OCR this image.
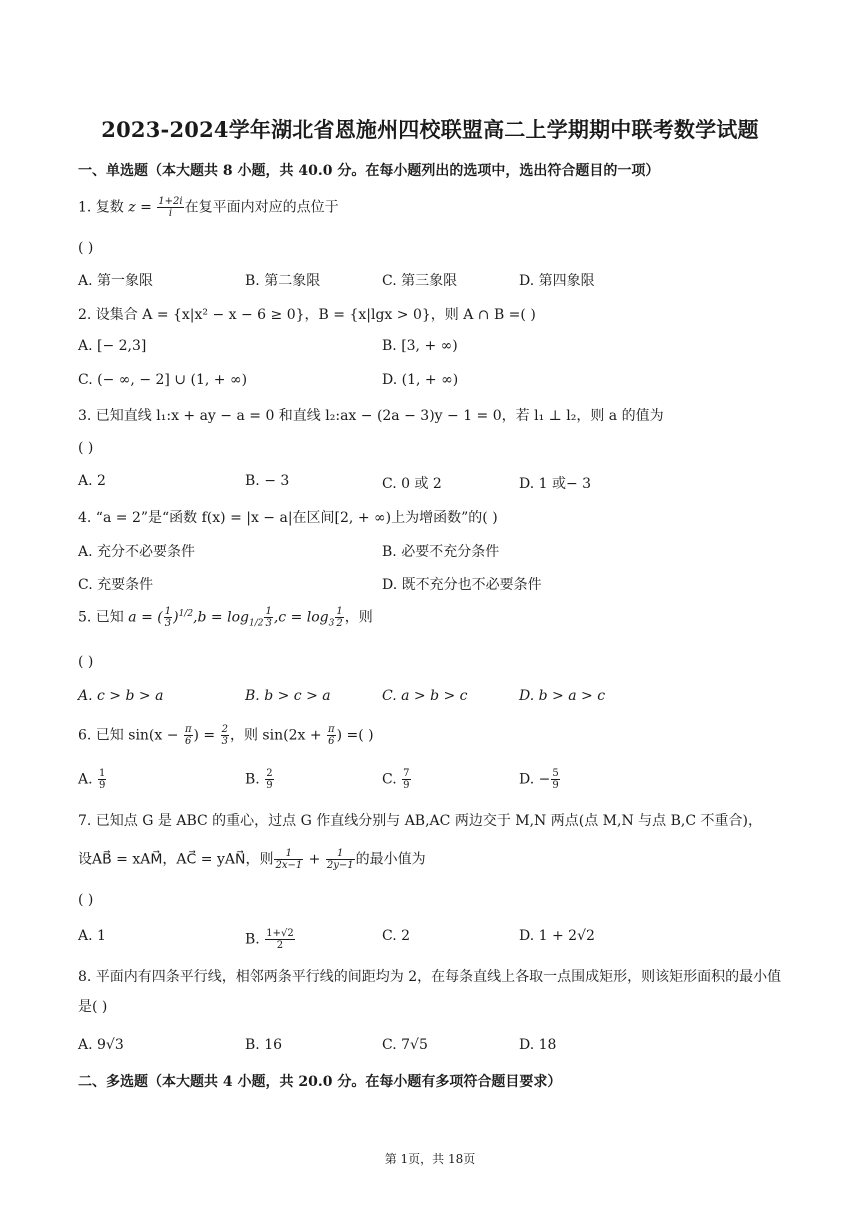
2023-2024学年湖北省恩施州四校联盟高二上学期期中联考数学试题
一、单选题（本大题共 8 小题，共 40.0 分。在每小题列出的选项中，选出符合题目的一项）
1. 复数 $z = \frac{1+2i}{i}$ 在复平面内对应的点位于
( )
A. 第一象限	B. 第二象限	C. 第三象限	D. 第四象限
2. 设集合 A = {x|x² − x − 6 ≥ 0}，B = {x|lgx > 0}，则 A ∩ B =( )
A. [− 2,3]	B. [3, + ∞)
C. (− ∞, − 2] ∪ (1, + ∞)	D. (1, + ∞)
3. 已知直线 l₁:x + ay − a = 0 和直线 l₂:ax − (2a − 3)y − 1 = 0，若 l₁ ⊥ l₂，则 a 的值为
( )
A. 2	B. − 3	C. 0 或 2	D. 1 或− 3
4. “a = 2”是“函数 f(x) = |x − a|在区间[2, + ∞)上为增函数”的( )
A. 充分不必要条件	B. 必要不充分条件
C. 充要条件	D. 既不充分也不必要条件
5. 已知 a = ( $\frac{1}{3} )^{1/2},b = \log_{1/2} \frac{1}{3} ,c = \log_3 \frac{1}{2}$ ，则
( )
A. c > b > a	B. b > c > a	C. a > b > c	D. b > a > c
6. 已知 $\sin(x - \frac{\pi}{6}$ ) = $\frac{2}{3}$ ，则 $\sin(2x + \frac{\pi}{6}$ ) =( )
A. $\frac{1}{9}$	B. $\frac{2}{9}$	C. $\frac{7}{9}$	D. − $\frac{5}{9}$
7. 已知点 G 是 ABC 的重心，过点 G 作直线分别与 AB,AC 两边交于 M,N 两点(点 M,N 与点 B,C 不重合)，
设AB⃗ = xAM⃗，AC⃗ = yAN⃗，则 $\frac{1}{2x-1} + \frac{1}{2y-1}$ 的最小值为
( )
A. 1	B. $\frac{1+√2}{2}$	C. 2	D. 1 + 2√2
8. 平面内有四条平行线，相邻两条平行线的间距均为 2，在每条直线上各取一点围成矩形，则该矩形面积的最小值是( )
A. 9√3	B. 16	C. 7√5	D. 18
二、多选题（本大题共 4 小题，共 20.0 分。在每小题有多项符合题目要求）
第 1页，共 18页
